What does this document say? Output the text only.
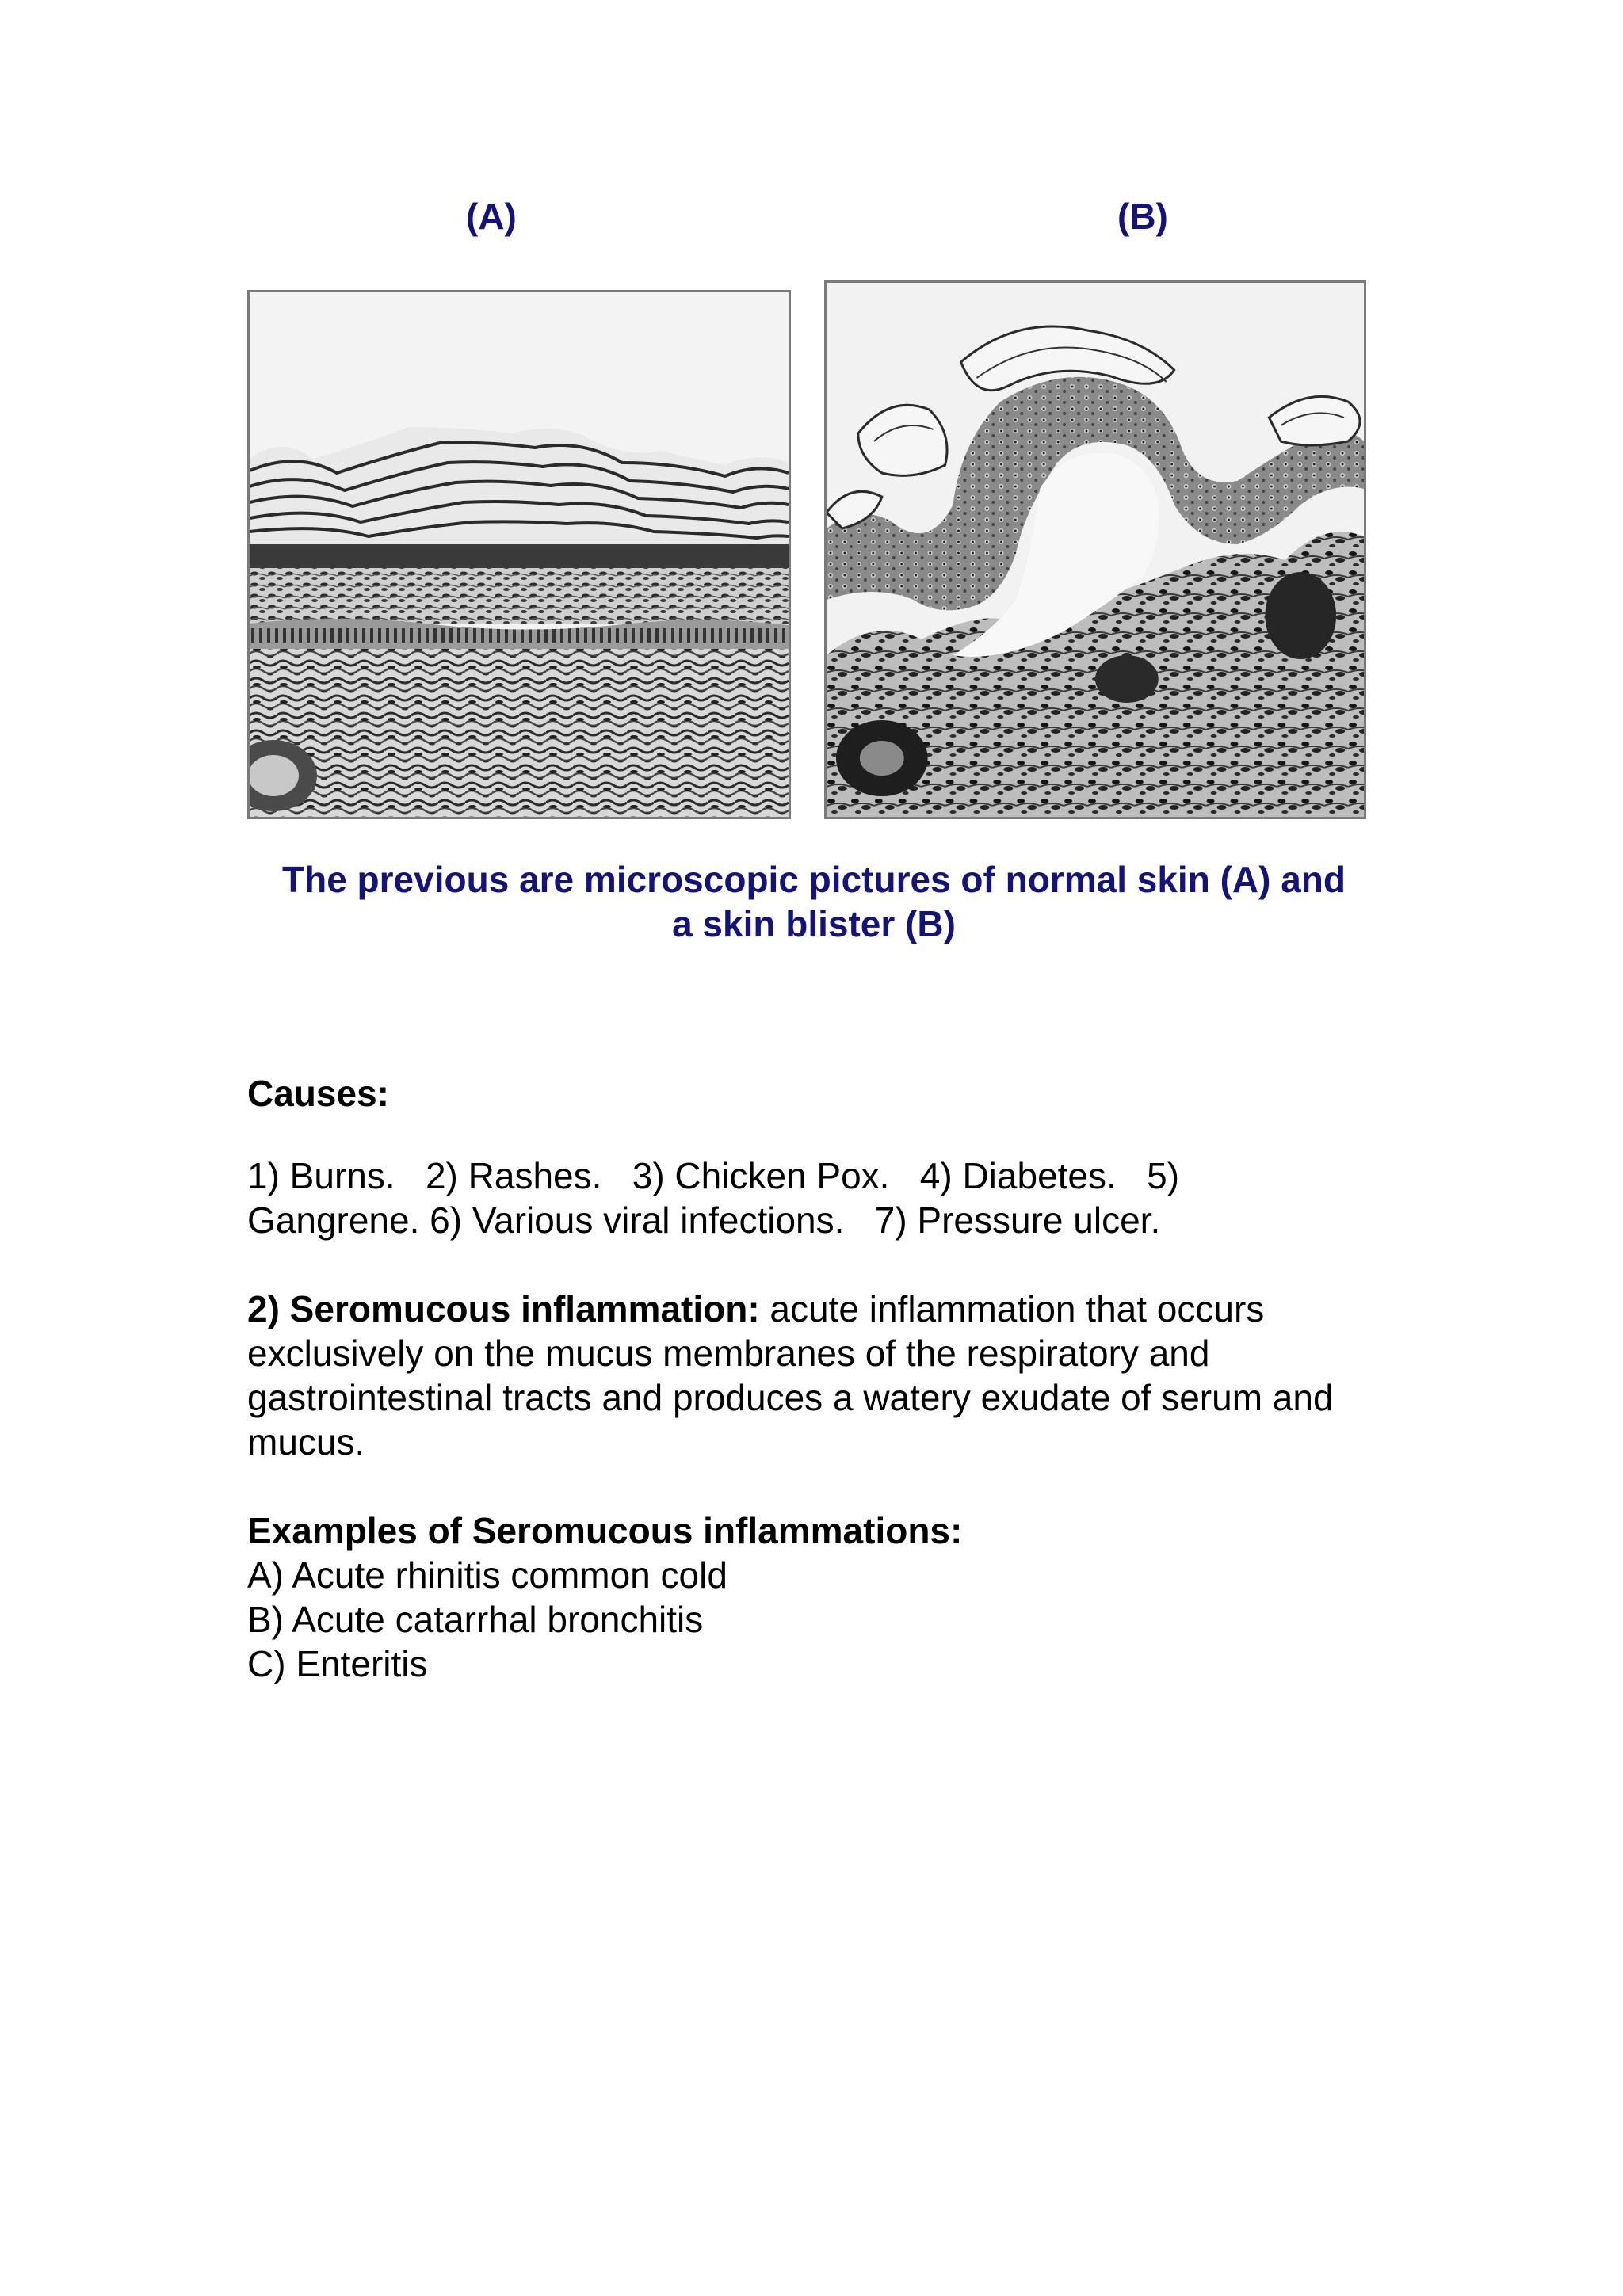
(A)	(B)
The previous are microscopic pictures of normal skin (A) and
a skin blister (B)
Causes:
1) Burns.   2) Rashes.   3) Chicken Pox.   4) Diabetes.   5)
Gangrene. 6) Various viral infections.   7) Pressure ulcer.
2) Seromucous inflammation: acute inflammation that occurs exclusively on the mucus membranes of the respiratory and gastrointestinal tracts and produces a watery exudate of serum and mucus.
Examples of Seromucous inflammations:
A) Acute rhinitis common cold
B) Acute catarrhal bronchitis
C) Enteritis
